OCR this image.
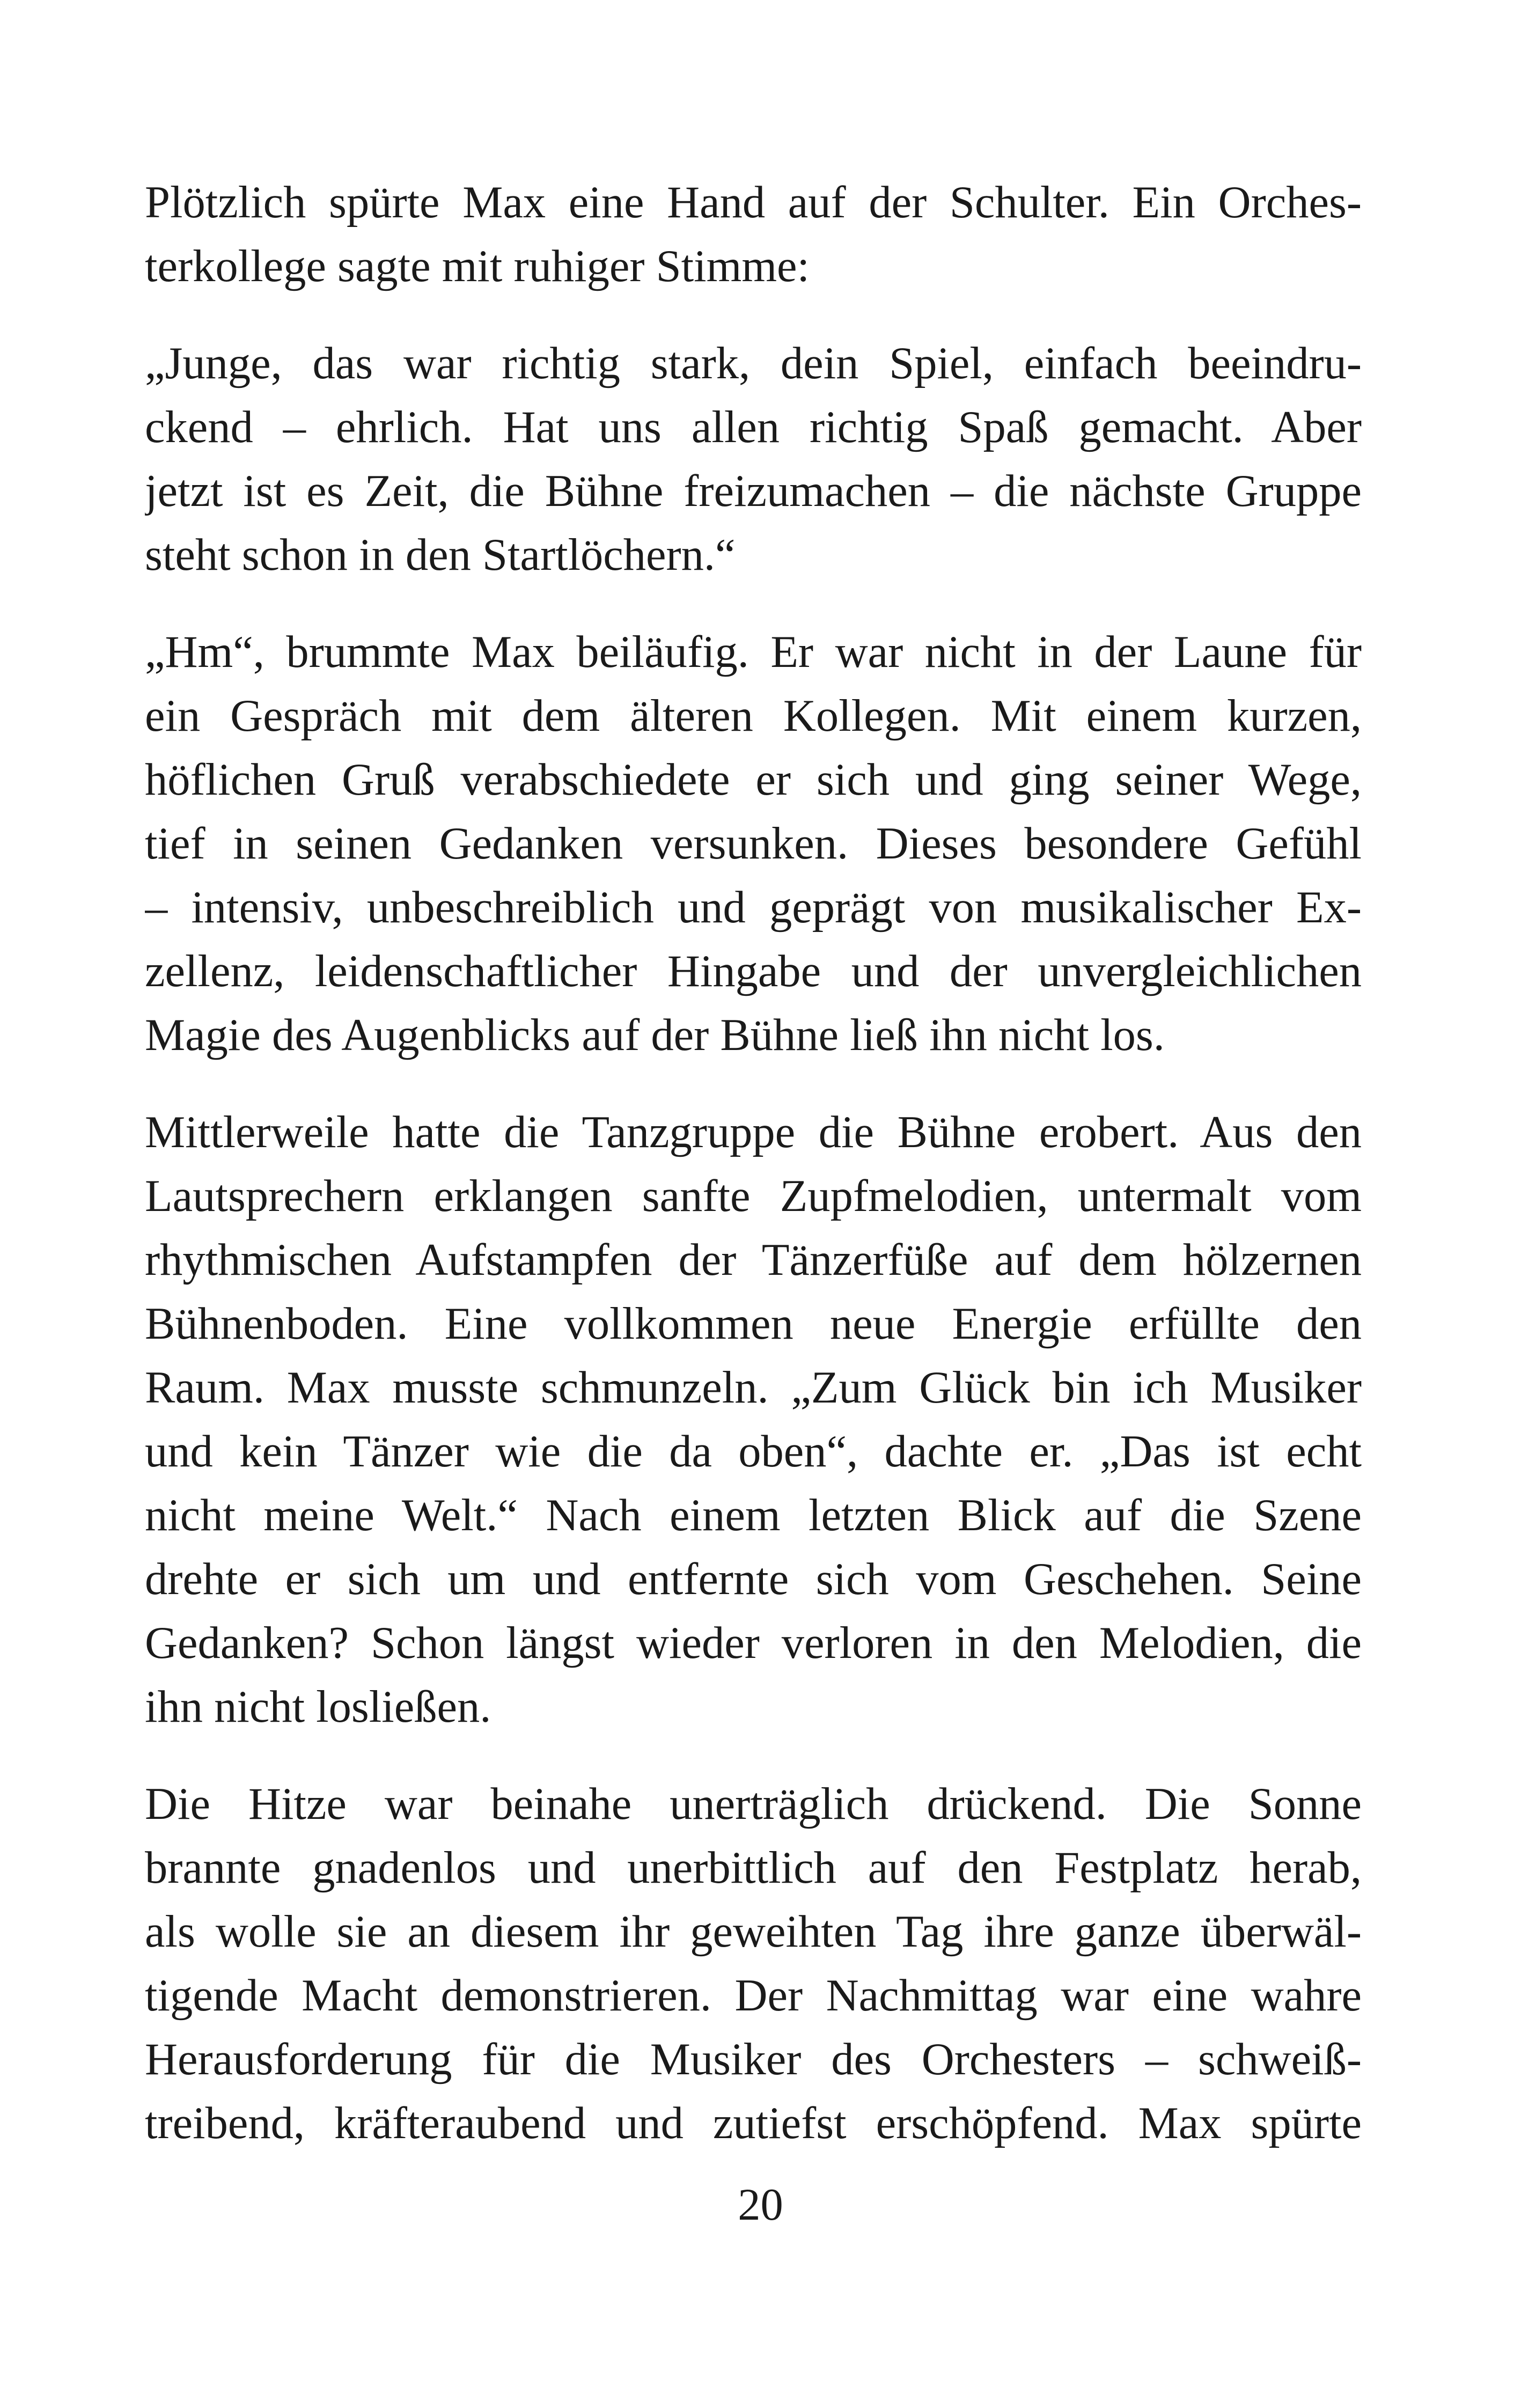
Plötzlich spürte Max eine Hand auf der Schulter. Ein Orches-
terkollege sagte mit ruhiger Stimme:

„Junge, das war richtig stark, dein Spiel, einfach beeindru-
ckend – ehrlich. Hat uns allen richtig Spaß gemacht. Aber
jetzt ist es Zeit, die Bühne freizumachen – die nächste Gruppe
steht schon in den Startlöchern.“

„Hm“, brummte Max beiläufig. Er war nicht in der Laune für
ein Gespräch mit dem älteren Kollegen. Mit einem kurzen,
höflichen Gruß verabschiedete er sich und ging seiner Wege,
tief in seinen Gedanken versunken. Dieses besondere Gefühl
– intensiv, unbeschreiblich und geprägt von musikalischer Ex-
zellenz, leidenschaftlicher Hingabe und der unvergleichlichen
Magie des Augenblicks auf der Bühne ließ ihn nicht los.

Mittlerweile hatte die Tanzgruppe die Bühne erobert. Aus den
Lautsprechern erklangen sanfte Zupfmelodien, untermalt vom
rhythmischen Aufstampfen der Tänzerfüße auf dem hölzernen
Bühnenboden. Eine vollkommen neue Energie erfüllte den
Raum. Max musste schmunzeln. „Zum Glück bin ich Musiker
und kein Tänzer wie die da oben“, dachte er. „Das ist echt
nicht meine Welt.“ Nach einem letzten Blick auf die Szene
drehte er sich um und entfernte sich vom Geschehen. Seine
Gedanken? Schon längst wieder verloren in den Melodien, die
ihn nicht losließen.

Die Hitze war beinahe unerträglich drückend. Die Sonne
brannte gnadenlos und unerbittlich auf den Festplatz herab,
als wolle sie an diesem ihr geweihten Tag ihre ganze überwäl-
tigende Macht demonstrieren. Der Nachmittag war eine wahre
Herausforderung für die Musiker des Orchesters – schweiß-
treibend, kräfteraubend und zutiefst erschöpfend. Max spürte

20
